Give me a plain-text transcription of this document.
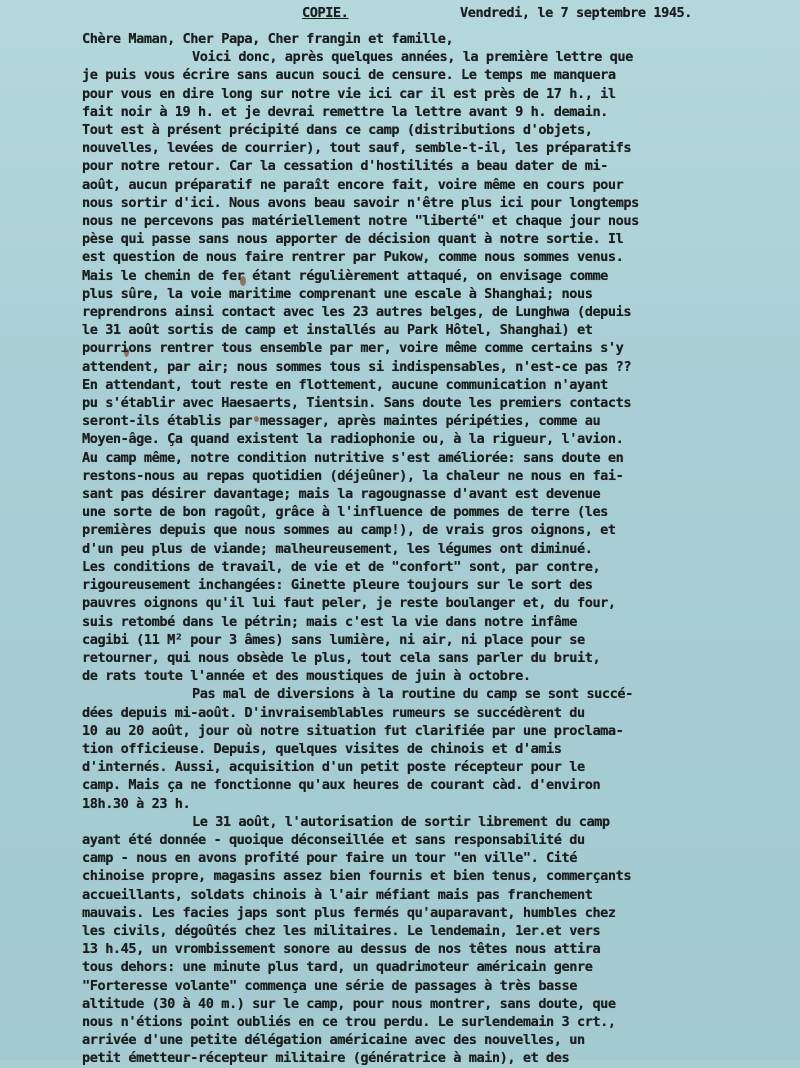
COPIE.	Vendredi, le 7 septembre 1945.
Chère Maman, Cher Papa, Cher frangin et famille,
Voici donc, après quelques années, la première lettre que
je puis vous écrire sans aucun souci de censure. Le temps me manquera
pour vous en dire long sur notre vie ici car il est près de 17 h., il
fait noir à 19 h. et je devrai remettre la lettre avant 9 h. demain.
Tout est à présent précipité dans ce camp (distributions d'objets,
nouvelles, levées de courrier), tout sauf, semble-t-il, les préparatifs
pour notre retour. Car la cessation d'hostilités a beau dater de mi-
août, aucun préparatif ne paraît encore fait, voire même en cours pour
nous sortir d'ici. Nous avons beau savoir n'être plus ici pour longtemps
nous ne percevons pas matériellement notre "liberté" et chaque jour nous
pèse qui passe sans nous apporter de décision quant à notre sortie. Il
est question de nous faire rentrer par Pukow, comme nous sommes venus.
Mais le chemin de fer étant régulièrement attaqué, on envisage comme
plus sûre, la voie maritime comprenant une escale à Shanghai; nous
reprendrons ainsi contact avec les 23 autres belges, de Lunghwa (depuis
le 31 août sortis de camp et installés au Park Hôtel, Shanghai) et
pourrions rentrer tous ensemble par mer, voire même comme certains s'y
attendent, par air; nous sommes tous si indispensables, n'est-ce pas ??
En attendant, tout reste en flottement, aucune communication n'ayant
pu s'établir avec Haesaerts, Tientsin. Sans doute les premiers contacts
seront-ils établis par messager, après maintes péripéties, comme au
Moyen-âge. Ça quand existent la radiophonie ou, à la rigueur, l'avion.
Au camp même, notre condition nutritive s'est améliorée: sans doute en
restons-nous au repas quotidien (déjeûner), la chaleur ne nous en fai-
sant pas désirer davantage; mais la ragougnasse d'avant est devenue
une sorte de bon ragoût, grâce à l'influence de pommes de terre (les
premières depuis que nous sommes au camp!), de vrais gros oignons, et
d'un peu plus de viande; malheureusement, les légumes ont diminué.
Les conditions de travail, de vie et de "confort" sont, par contre,
rigoureusement inchangées: Ginette pleure toujours sur le sort des
pauvres oignons qu'il lui faut peler, je reste boulanger et, du four,
suis retombé dans le pétrin; mais c'est la vie dans notre infâme
cagibi (11 M² pour 3 âmes) sans lumière, ni air, ni place pour se
retourner, qui nous obsède le plus, tout cela sans parler du bruit,
de rats toute l'année et des moustiques de juin à octobre.
Pas mal de diversions à la routine du camp se sont succé-
dées depuis mi-août. D'invraisemblables rumeurs se succédèrent du
10 au 20 août, jour où notre situation fut clarifiée par une proclama-
tion officieuse. Depuis, quelques visites de chinois et d'amis
d'internés. Aussi, acquisition d'un petit poste récepteur pour le
camp. Mais ça ne fonctionne qu'aux heures de courant càd. d'environ
18h.30 à 23 h.
Le 31 août, l'autorisation de sortir librement du camp
ayant été donnée - quoique déconseillée et sans responsabilité du
camp - nous en avons profité pour faire un tour "en ville". Cité
chinoise propre, magasins assez bien fournis et bien tenus, commerçants
accueillants, soldats chinois à l'air méfiant mais pas franchement
mauvais. Les facies japs sont plus fermés qu'auparavant, humbles chez
les civils, dégoûtés chez les militaires. Le lendemain, 1er.et vers
13 h.45, un vrombissement sonore au dessus de nos têtes nous attira
tous dehors: une minute plus tard, un quadrimoteur américain genre
"Forteresse volante" commença une série de passages à très basse
altitude (30 à 40 m.) sur le camp, pour nous montrer, sans doute, que
nous n'étions point oubliés en ce trou perdu. Le surlendemain 3 crt.,
arrivée d'une petite délégation américaine avec des nouvelles, un
petit émetteur-récepteur militaire (génératrice à main), et des
